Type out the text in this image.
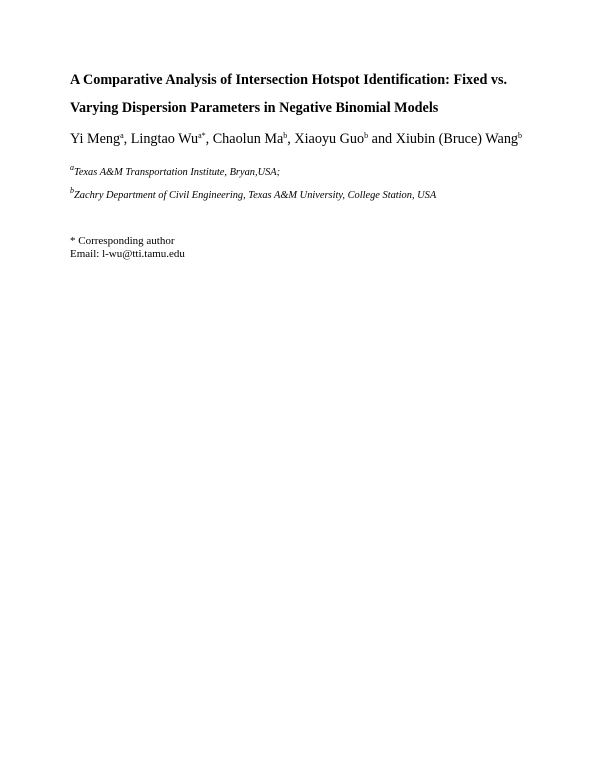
A Comparative Analysis of Intersection Hotspot Identification: Fixed vs.
Varying Dispersion Parameters in Negative Binomial Models

Yi Meng$^a$, Lingtao $Wu^{a*}$, Chaolun Ma$^b$, Xiaoyu Guo$^b$ and Xiubin (Bruce) Wang$^b$

$^a$Texas A&M Transportation Institute, Bryan,USA;

$^b$Zachry Department of Civil Engineering, Texas A&M University, College Station, USA

* Corresponding author
Email: l-wu@tti.tamu.edu
